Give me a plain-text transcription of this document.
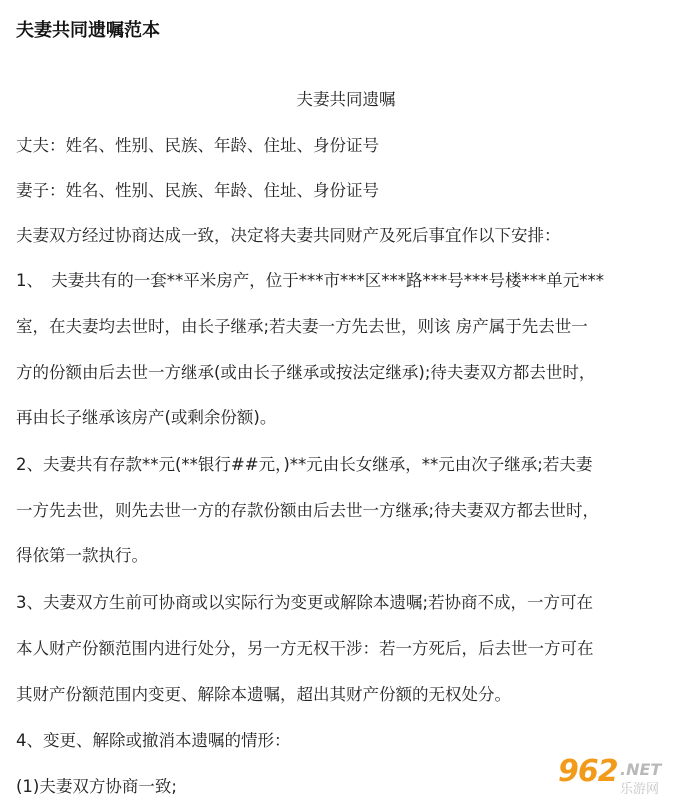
夫妻共同遗嘱范本
夫妻共同遗嘱
丈夫：姓名、性别、民族、年龄、住址、身份证号
妻子：姓名、性别、民族、年龄、住址、身份证号
夫妻双方经过协商达成一致，决定将夫妻共同财产及死后事宜作以下安排：
1、　夫妻共有的一套**平米房产，位于***市***区***路***号***号楼***单元***
室，在夫妻均去世时，由长子继承;若夫妻一方先去世，则该 房产属于先去世一
方的份额由后去世一方继承(或由长子继承或按法定继承);待夫妻双方都去世时，
再由长子继承该房产(或剩余份额)。
2、夫妻共有存款**元(**银行##元，)**元由长女继承，**元由次子继承;若夫妻
一方先去世，则先去世一方的存款份额由后去世一方继承;待夫妻双方都去世时，
得依第一款执行。
3、夫妻双方生前可协商或以实际行为变更或解除本遗嘱;若协商不成，一方可在
本人财产份额范围内进行处分，另一方无权干涉：若一方死后，后去世一方可在
其财产份额范围内变更、解除本遗嘱，超出其财产份额的无权处分。
4、变更、解除或撤消本遗嘱的情形：
(1)夫妻双方协商一致;	962 .NET
乐游网
